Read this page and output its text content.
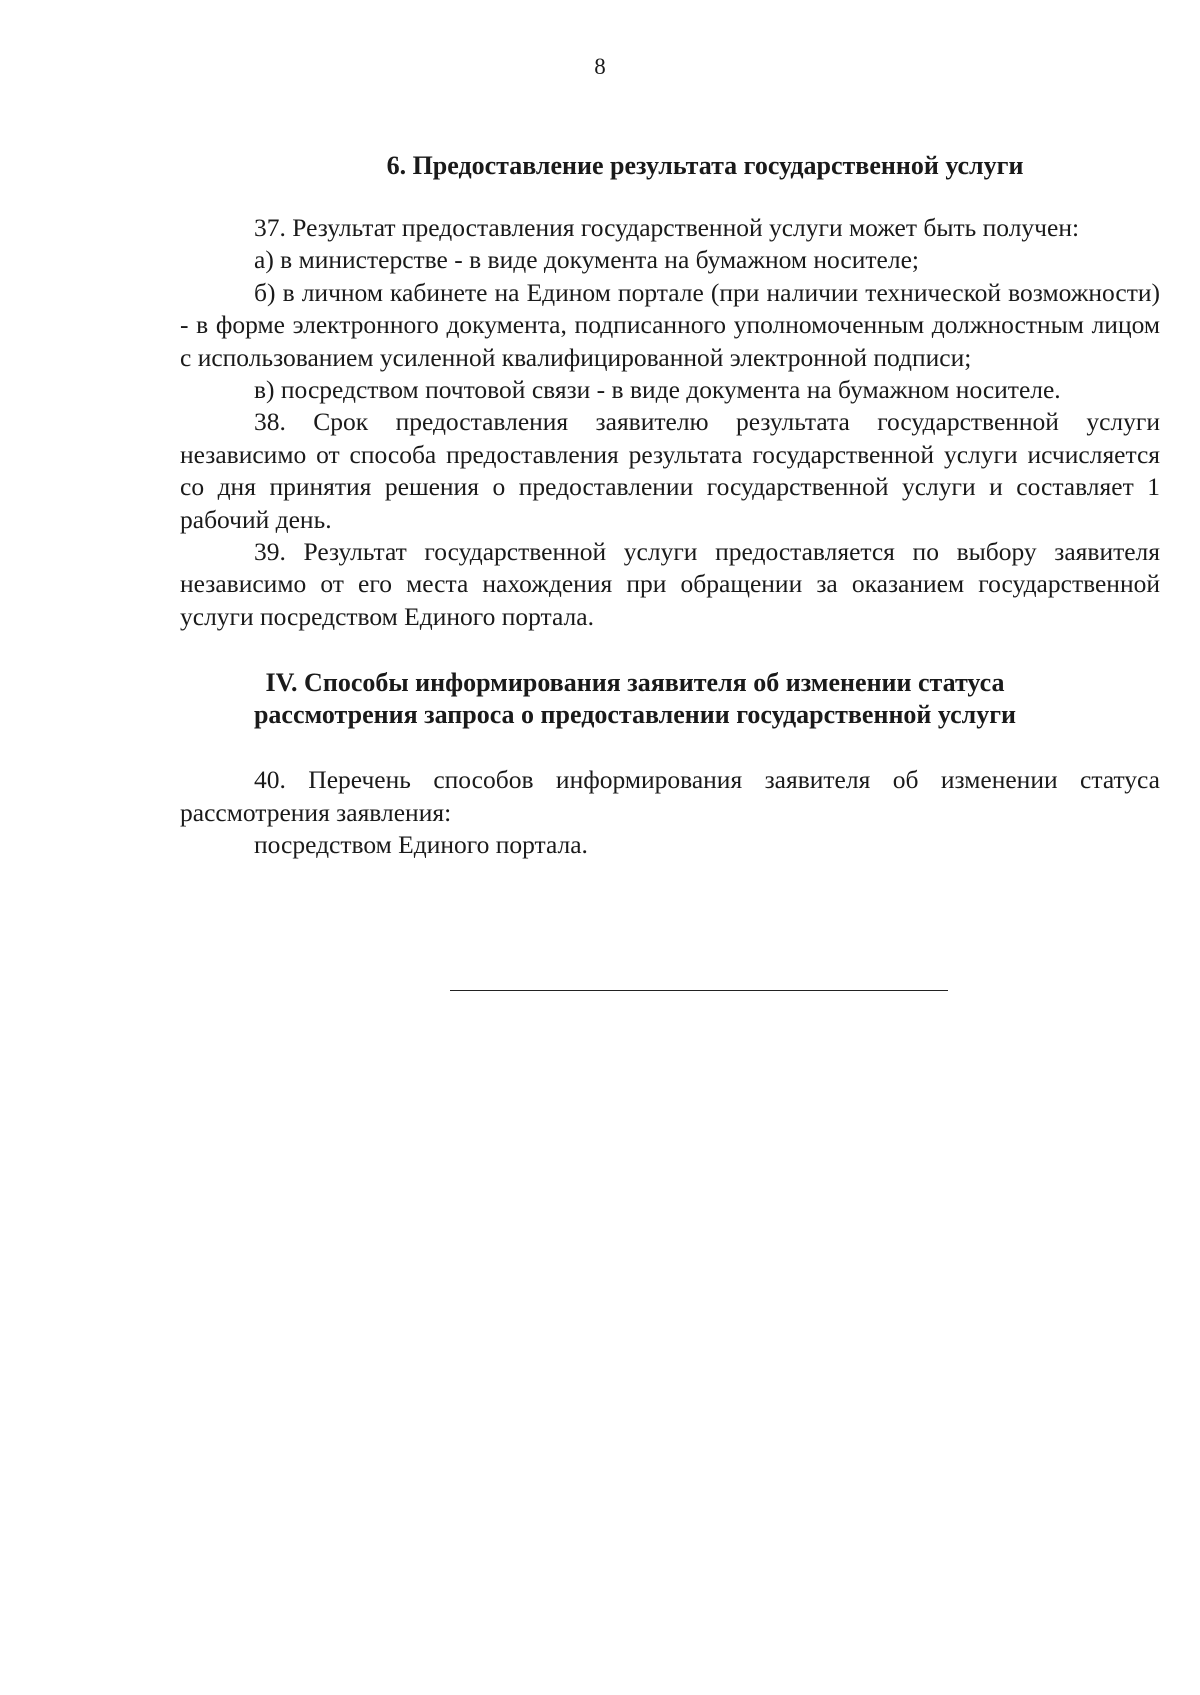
8
6. Предоставление результата государственной услуги

37. Результат предоставления государственной услуги может быть получен:

а) в министерстве - в виде документа на бумажном носителе;

б) в личном кабинете на Едином портале (при наличии технической возможности) - в форме электронного документа, подписанного уполномоченным должностным лицом с использованием усиленной квалифицированной электронной подписи;

в) посредством почтовой связи - в виде документа на бумажном носителе.

38. Срок предоставления заявителю результата государственной услуги независимо от способа предоставления результата государственной услуги исчисляется со дня принятия решения о предоставлении государственной услуги и составляет 1 рабочий день.

39. Результат государственной услуги предоставляется по выбору заявителя независимо от его места нахождения при обращении за оказанием государственной услуги посредством Единого портала.

IV. Способы информирования заявителя об изменении статуса
рассмотрения запроса о предоставлении государственной услуги

40. Перечень способов информирования заявителя об изменении статуса рассмотрения заявления:

посредством Единого портала.
